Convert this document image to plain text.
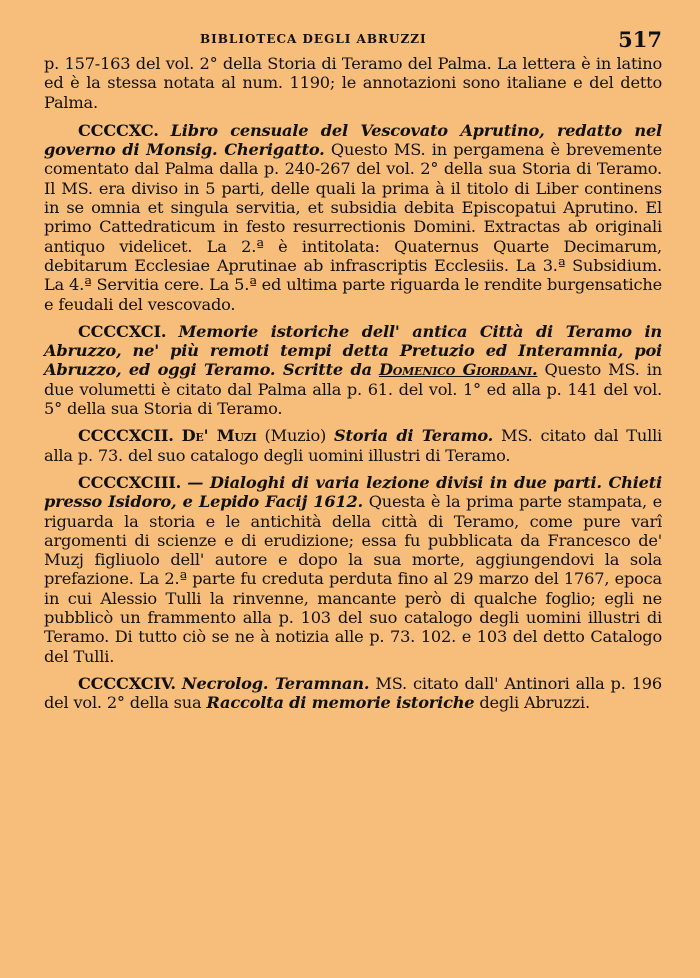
BIBLIOTECA DEGLI ABRUZZI	517

p. 157-163 del vol. 2° della Storia di Teramo del Palma. La lettera è in latino ed è la stessa notata al num. 1190; le annotazioni sono italiane e del detto Palma.

CCCCXC. Libro censuale del Vescovato Aprutino, redatto nel governo di Monsig. Cherigatto. Questo MS. in pergamena è brevemente comentato dal Palma dalla p. 240-267 del vol. 2° della sua Storia di Teramo. Il MS. era diviso in 5 parti, delle quali la prima à il titolo di Liber continens in se omnia et singula servitia, et subsidia debita Episcopatui Aprutino. El primo Cattedraticum in festo resurrectionis Domini. Extractas ab originali antiquo videlicet. La 2.ª è intitolata: Quaternus Quarte Decimarum, debitarum Ecclesiae Aprutinae ab infrascriptis Ecclesiis. La 3.ª Subsidium. La 4.ª Servitia cere. La 5.ª ed ultima parte riguarda le rendite burgensatiche e feudali del vescovado.

CCCCXCI. Memorie istoriche dell' antica Città di Teramo in Abruzzo, ne' più remoti tempi detta Pretuzio ed Interamnia, poi Abruzzo, ed oggi Teramo. Scritte da Domenico Giordani. Questo MS. in due volumetti è citato dal Palma alla p. 61. del vol. 1° ed alla p. 141 del vol. 5° della sua Storia di Teramo.

CCCCXCII. De' Muzi (Muzio) Storia di Teramo. MS. citato dal Tulli alla p. 73. del suo catalogo degli uomini illustri di Teramo.

CCCCXCIII. — Dialoghi di varia lezione divisi in due parti. Chieti presso Isidoro, e Lepido Facij 1612. Questa è la prima parte stampata, e riguarda la storia e le antichità della città di Teramo, come pure varî argomenti di scienze e di erudizione; essa fu pubblicata da Francesco de' Muzj figliuolo dell' autore e dopo la sua morte, aggiungendovi la sola prefazione. La 2.ª parte fu creduta perduta fino al 29 marzo del 1767, epoca in cui Alessio Tulli la rinvenne, mancante però di qualche foglio; egli ne pubblicò un frammento alla p. 103 del suo catalogo degli uomini illustri di Teramo. Di tutto ciò se ne à notizia alle p. 73. 102. e 103 del detto Catalogo del Tulli.

CCCCXCIV. Necrolog. Teramnan. MS. citato dall' Antinori alla p. 196 del vol. 2° della sua Raccolta di memorie istoriche degli Abruzzi.
